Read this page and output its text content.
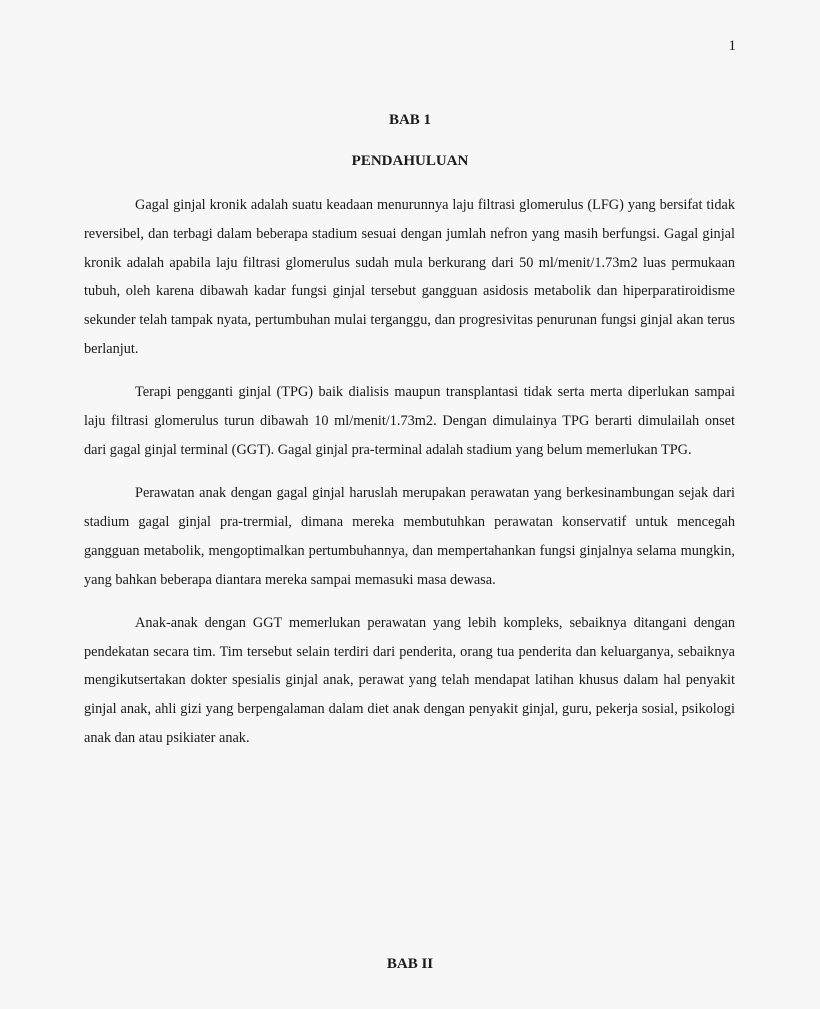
1
BAB 1
PENDAHULUAN

Gagal ginjal kronik adalah suatu keadaan menurunnya laju filtrasi glomerulus (LFG) yang bersifat tidak reversibel, dan terbagi dalam beberapa stadium sesuai dengan jumlah nefron yang masih berfungsi. Gagal ginjal kronik adalah apabila laju filtrasi glomerulus sudah mula berkurang dari 50 ml/menit/1.73m2 luas permukaan tubuh, oleh karena dibawah kadar fungsi ginjal tersebut gangguan asidosis metabolik dan hiperparatiroidisme sekunder telah tampak nyata, pertumbuhan mulai terganggu, dan progresivitas penurunan fungsi ginjal akan terus berlanjut.

Terapi pengganti ginjal (TPG) baik dialisis maupun transplantasi tidak serta merta diperlukan sampai laju filtrasi glomerulus turun dibawah 10 ml/menit/1.73m2. Dengan dimulainya TPG berarti dimulailah onset dari gagal ginjal terminal (GGT). Gagal ginjal pra-terminal adalah stadium yang belum memerlukan TPG.

Perawatan anak dengan gagal ginjal haruslah merupakan perawatan yang berkesinambungan sejak dari stadium gagal ginjal pra-trermial, dimana mereka membutuhkan perawatan konservatif untuk mencegah gangguan metabolik, mengoptimalkan pertumbuhannya, dan mempertahankan fungsi ginjalnya selama mungkin, yang bahkan beberapa diantara mereka sampai memasuki masa dewasa.

Anak-anak dengan GGT memerlukan perawatan yang lebih kompleks, sebaiknya ditangani dengan pendekatan secara tim. Tim tersebut selain terdiri dari penderita, orang tua penderita dan keluarganya, sebaiknya mengikutsertakan dokter spesialis ginjal anak, perawat yang telah mendapat latihan khusus dalam hal penyakit ginjal anak, ahli gizi yang berpengalaman dalam diet anak dengan penyakit ginjal, guru, pekerja sosial, psikologi anak dan atau psikiater anak.

BAB II
